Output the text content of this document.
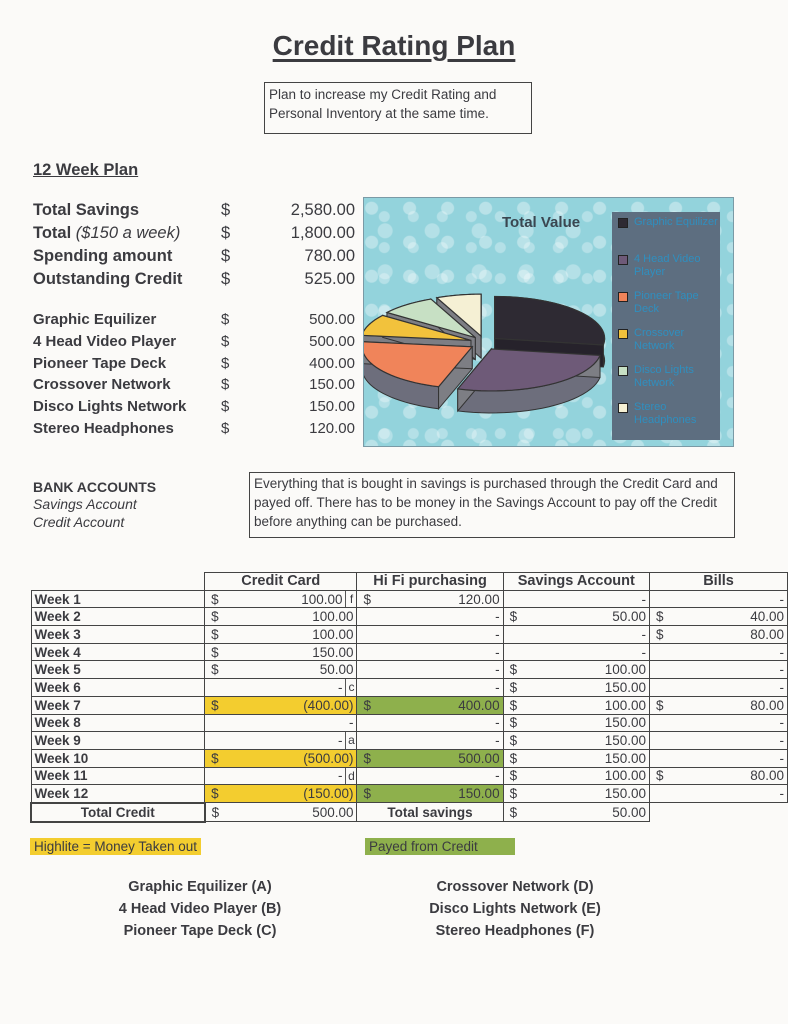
Credit Rating Plan
Plan to increase my Credit Rating and Personal Inventory at the same time.
12 Week Plan
Total Savings	$	2,580.00
Total ($150 a week) $	1,800.00
Spending amount	$	780.00
Outstanding Credit $	525.00
Graphic Equilizer	$	500.00
4 Head Video Player	$	500.00
Pioneer Tape Deck	$	400.00
Crossover Network	$	150.00
Disco Lights Network $	150.00
Stereo Headphones	$	120.00
Total Value	Graphic Equilizer
4 Head Video Player
Pioneer Tape Deck
Crossover Network
Disco Lights Network
Stereo Headphones
BANK ACCOUNTS
Savings Account
Credit Account
Everything that is bought in savings is purchased through the Credit Card and payed off. There has to be money in the Savings Account to pay off the Credit before anything can be purchased.
	Credit Card	Hi Fi purchasing	Savings Account	Bills
Week 1	$ 100.00 f	$ 120.00	-	-

Week 2	$ 100.00	-	$ 50.00	$ 40.00

Week 3	$ 100.00	-	-	$ 80.00

Week 4	$ 150.00	-	-	-

Week 5	$ 50.00	-	$ 100.00	-

Week 6	- c	-	$ 150.00	-

Week 7	$ (400.00)	$ 400.00	$ 100.00	$ 80.00

Week 8	-	-	$ 150.00	-

Week 9	- a	-	$ 150.00	-

Week 10	$ (500.00)	$ 500.00	$ 150.00	-

Week 11	- d	-	$ 100.00	$ 80.00

Week 12	$ (150.00)	$ 150.00	$ 150.00	-

Total Credit	$ 500.00	Total savings	$ 50.00	

Highlite = Money Taken out	Payed from Credit
Graphic Equilizer (A)
4 Head Video Player (B)
Pioneer Tape Deck (C)
Crossover Network (D)
Disco Lights Network (E)
Stereo Headphones (F)
